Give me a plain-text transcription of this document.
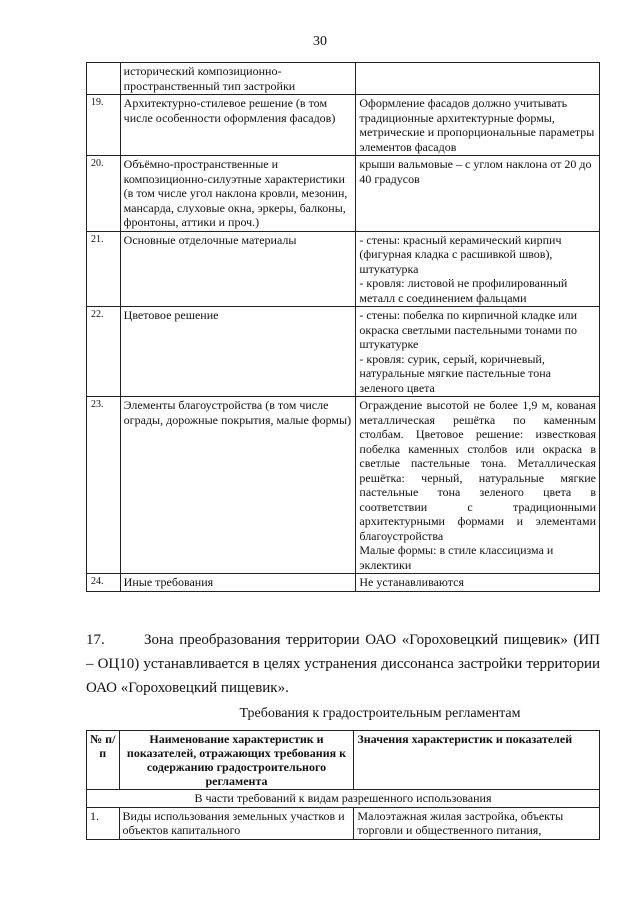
30
	исторический композиционно-пространственный тип застройки	

19.	Архитектурно-стилевое решение (в том числе особенности оформления фасадов)	Оформление фасадов должно учитывать традиционные архитектурные формы, метрические и пропорциональные параметры элементов фасадов

20.	Объёмно-пространственные и композиционно-силуэтные характеристики (в том числе угол наклона кровли, мезонин, мансарда, слуховые окна, эркеры, балконы, фронтоны, аттики и проч.)	крыши вальмовые – с углом наклона от 20 до 40 градусов

21.	Основные отделочные материалы	- стены: красный керамический кирпич (фигурная кладка с расшивкой швов), штукатурка
- кровля: листовой не профилированный металл с соединением фальцами

22.	Цветовое решение	- стены: побелка по кирпичной кладке или окраска светлыми пастельными тонами по штукатурке
- кровля: сурик, серый, коричневый, натуральные мягкие пастельные тона зеленого цвета

23.	Элементы благоустройства (в том числе ограды, дорожные покрытия, малые формы)	Ограждение высотой не более 1,9 м, кованая металлическая решётка по каменным столбам. Цветовое решение: известковая побелка каменных столбов или окраска в светлые пастельные тона. Металлическая решётка: черный, натуральные мягкие пастельные тона зеленого цвета в соответствии с традиционными архитектурными формами и элементами благоустройства
Малые формы: в стиле классицизма и эклектики

24.	Иные требования	Не устанавливаются

17.	Зона преобразования территории ОАО «Гороховецкий пищевик» (ИП – ОЦ10) устанавливается в целях устранения диссонанса застройки территории ОАО «Гороховецкий пищевик».

Требования к градостроительным регламентам

№ п/п	Наименование характеристик и показателей, отражающих требования к содержанию градостроительного регламента	Значения характеристик и показателей
В части требований к видам разрешенного использования		
1.	Виды использования земельных участков и объектов капитального	Малоэтажная жилая застройка, объекты торговли и общественного питания,
